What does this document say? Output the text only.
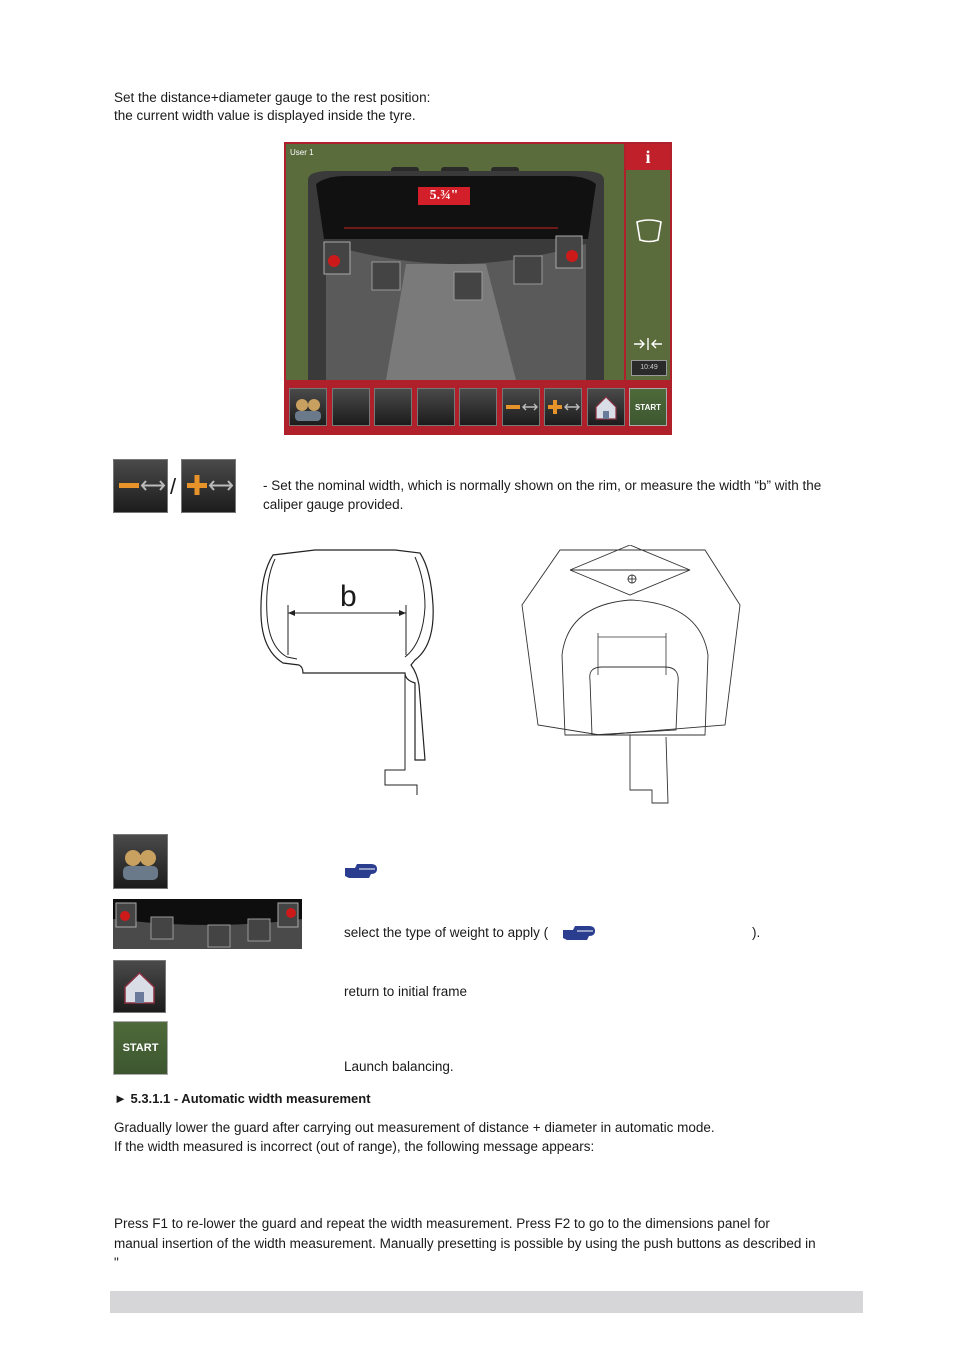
Set the distance+diameter gauge to the rest position:
the current width value is displayed inside the tyre.
User 1
5.¾"
i
10:49
START
/	- Set the nominal width, which is normally shown on the rim, or measure the width “b” with the caliper gauge provided.
b
select the type of weight to apply (	).
return to initial frame
START
Launch balancing.
► 5.3.1.1 - Automatic width measurement
Gradually lower the guard after carrying out measurement of distance + diameter in automatic mode.
If the width measured is incorrect (out of range), the following message appears:
Press F1 to re-lower the guard and repeat the width measurement. Press F2 to go to the dimensions panel for
manual insertion of the width measurement. Manually presetting is possible by using the push buttons as described in
"
